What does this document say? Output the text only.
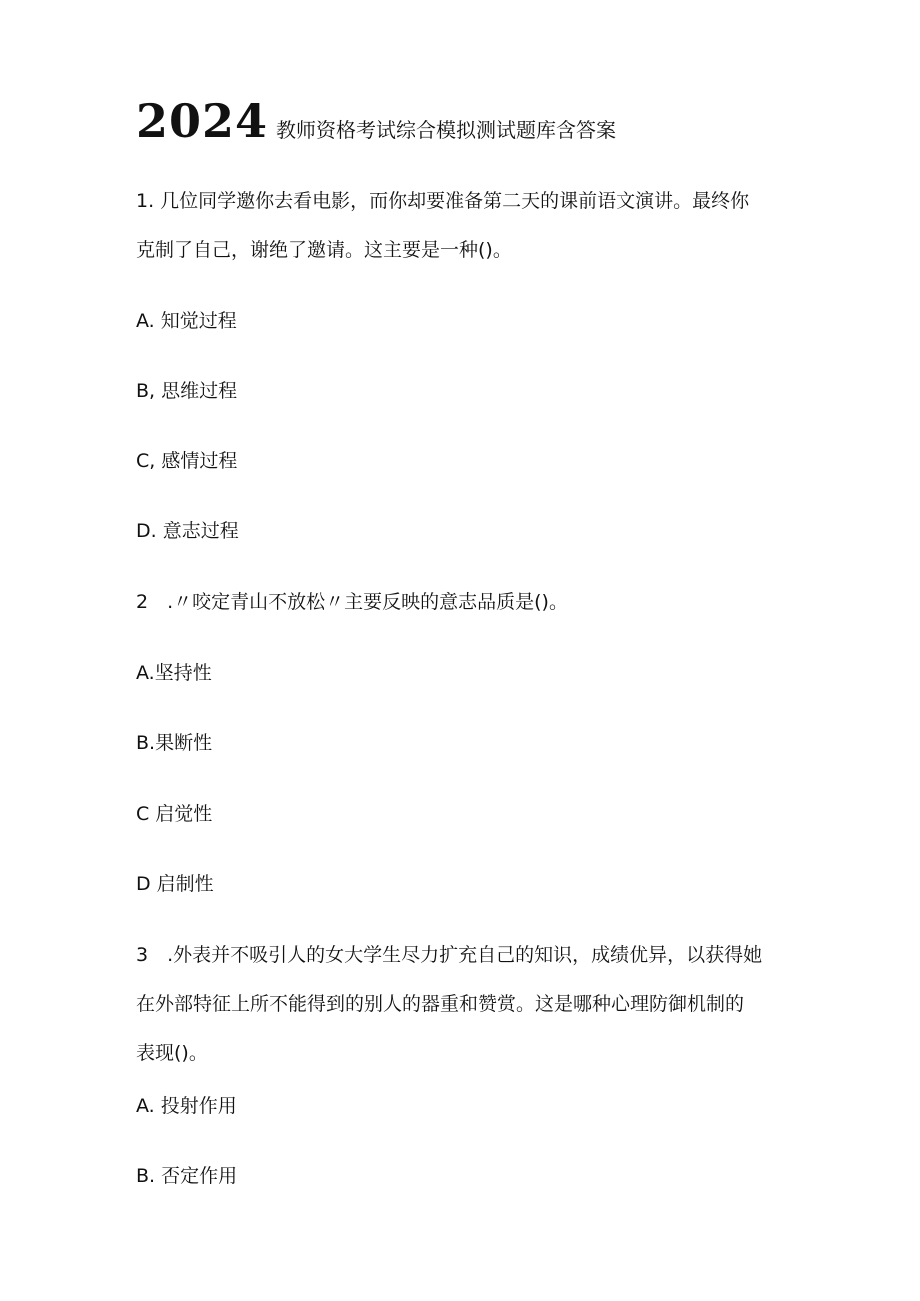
2024 教师资格考试综合模拟测试题库含答案
1. 几位同学邀你去看电影，而你却要准备第二天的课前语文演讲。最终你
克制了自己，谢绝了邀请。这主要是一种()。
A. 知觉过程
B, 思维过程
C, 感情过程
D. 意志过程
2　.〃咬定青山不放松〃主要反映的意志品质是()。
A.坚持性
B.果断性
C 启觉性
D 启制性
3　.外表并不吸引人的女大学生尽力扩充自己的知识，成绩优异，以获得她
在外部特征上所不能得到的别人的器重和赞赏。这是哪种心理防御机制的
表现()。
A. 投射作用
B. 否定作用
